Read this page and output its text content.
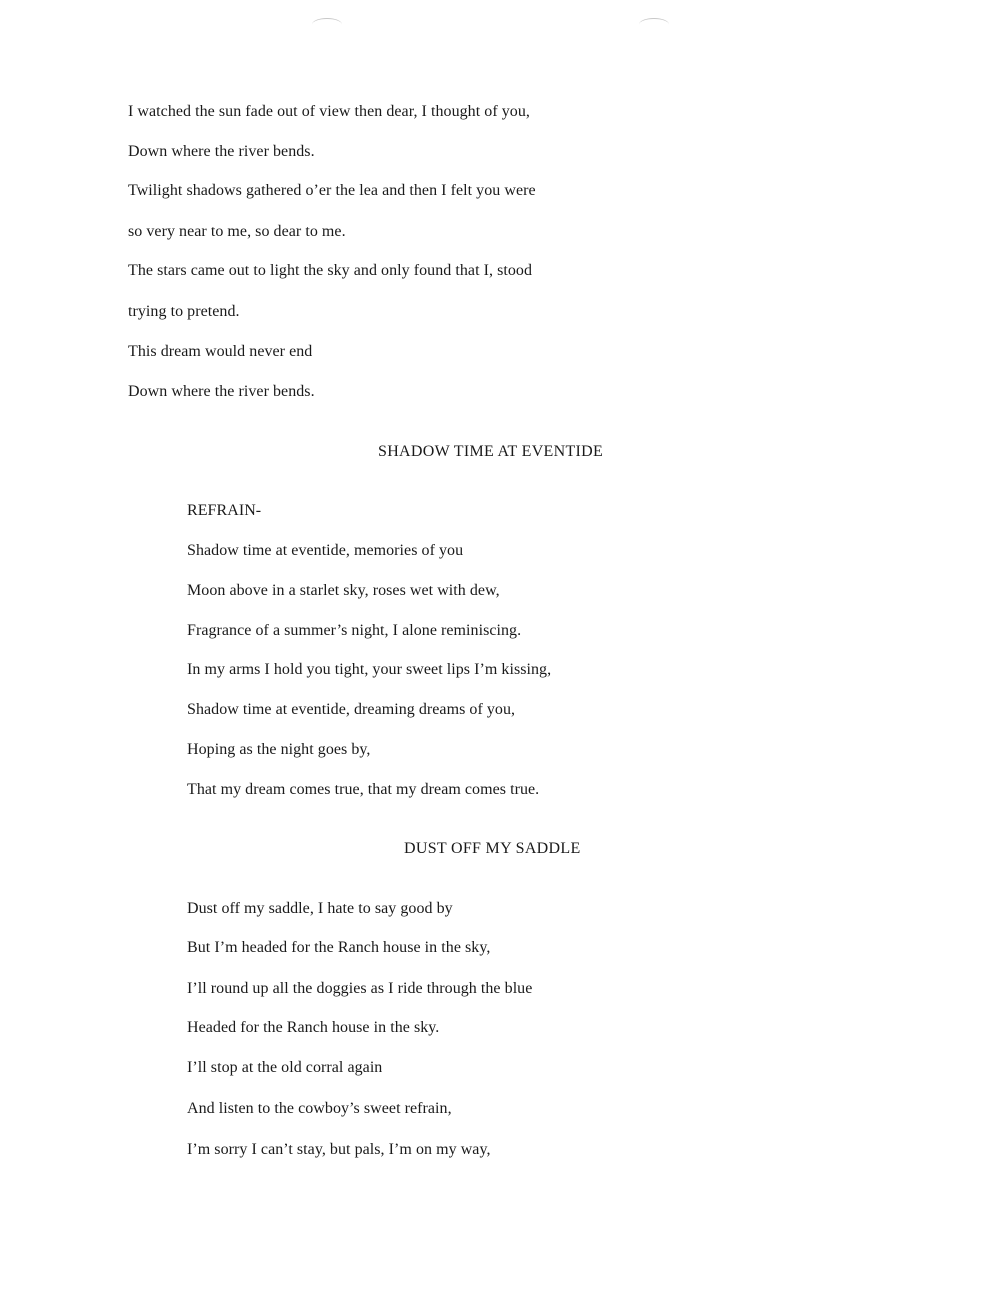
I watched the sun fade out of view then dear, I thought of you,
Down where the river bends.
Twilight shadows gathered o’er the lea and then I felt you were
so very near to me, so dear to me.
The stars came out to light the sky and only found that I, stood
trying to pretend.
This dream would never end
Down where the river bends.
SHADOW TIME AT EVENTIDE
REFRAIN-
Shadow time at eventide, memories of you
Moon above in a starlet sky, roses wet with dew,
Fragrance of a summer’s night, I alone reminiscing.
In my arms I hold you tight, your sweet lips I’m kissing,
Shadow time at eventide, dreaming dreams of you,
Hoping as the night goes by,
That my dream comes true, that my dream comes true.
DUST OFF MY SADDLE
Dust off my saddle, I hate to say good by
But I’m headed for the Ranch house in the sky,
I’ll round up all the doggies as I ride through the blue
Headed for the Ranch house in the sky.
I’ll stop at the old corral again
And listen to the cowboy’s sweet refrain,
I’m sorry I can’t stay, but pals, I’m on my way,
